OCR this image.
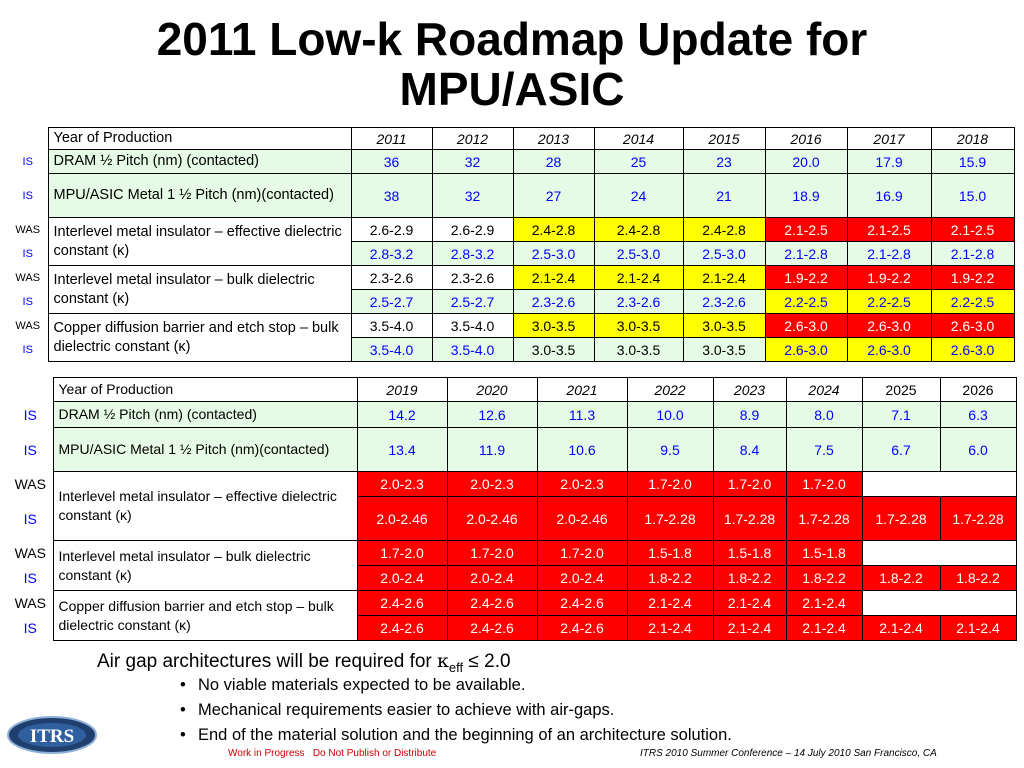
2011 Low-k Roadmap Update for
MPU/ASIC
	Year of Production	2011	2012	2013	2014	2015	2016	2017	2018
IS	DRAM ½ Pitch (nm) (contacted)	36	32	28	25	23	20.0	17.9	15.9
IS	MPU/ASIC Metal 1 ½ Pitch (nm)(contacted)	38	32	27	24	21	18.9	16.9	15.0
WAS	Interlevel metal insulator – effective dielectric constant (κ)	2.6-2.9	2.6-2.9	2.4-2.8	2.4-2.8	2.4-2.8	2.1-2.5	2.1-2.5	2.1-2.5
IS		2.8-3.2	2.8-3.2	2.5-3.0	2.5-3.0	2.5-3.0	2.1-2.8	2.1-2.8	2.1-2.8
WAS	Interlevel metal insulator – bulk dielectric constant (κ)	2.3-2.6	2.3-2.6	2.1-2.4	2.1-2.4	2.1-2.4	1.9-2.2	1.9-2.2	1.9-2.2
IS		2.5-2.7	2.5-2.7	2.3-2.6	2.3-2.6	2.3-2.6	2.2-2.5	2.2-2.5	2.2-2.5
WAS	Copper diffusion barrier and etch stop – bulk dielectric constant (κ)	3.5-4.0	3.5-4.0	3.0-3.5	3.0-3.5	3.0-3.5	2.6-3.0	2.6-3.0	2.6-3.0
IS		3.5-4.0	3.5-4.0	3.0-3.5	3.0-3.5	3.0-3.5	2.6-3.0	2.6-3.0	2.6-3.0
	Year of Production	2019	2020	2021	2022	2023	2024	2025	2026
IS	DRAM ½ Pitch (nm) (contacted)	14.2	12.6	11.3	10.0	8.9	8.0	7.1	6.3
IS	MPU/ASIC Metal 1 ½ Pitch (nm)(contacted)	13.4	11.9	10.6	9.5	8.4	7.5	6.7	6.0
WAS	Interlevel metal insulator – effective dielectric constant (κ)	2.0-2.3	2.0-2.3	2.0-2.3	1.7-2.0	1.7-2.0	1.7-2.0		
IS		2.0-2.46	2.0-2.46	2.0-2.46	1.7-2.28	1.7-2.28	1.7-2.28	1.7-2.28	1.7-2.28
WAS	Interlevel metal insulator – bulk dielectric constant (κ)	1.7-2.0	1.7-2.0	1.7-2.0	1.5-1.8	1.5-1.8	1.5-1.8		
IS		2.0-2.4	2.0-2.4	2.0-2.4	1.8-2.2	1.8-2.2	1.8-2.2	1.8-2.2	1.8-2.2
WAS	Copper diffusion barrier and etch stop – bulk dielectric constant (κ)	2.4-2.6	2.4-2.6	2.4-2.6	2.1-2.4	2.1-2.4	2.1-2.4		
IS		2.4-2.6	2.4-2.6	2.4-2.6	2.1-2.4	2.1-2.4	2.1-2.4	2.1-2.4	2.1-2.4
Air gap architectures will be required for $\kappa_{eff} \le 2.0$
• No viable materials expected to be available.
• Mechanical requirements easier to achieve with air-gaps.
• End of the material solution and the beginning of an architecture solution.
ITRS
Work in Progress   Do Not Publish or Distribute	ITRS 2010 Summer Conference – 14 July 2010 San Francisco, CA
